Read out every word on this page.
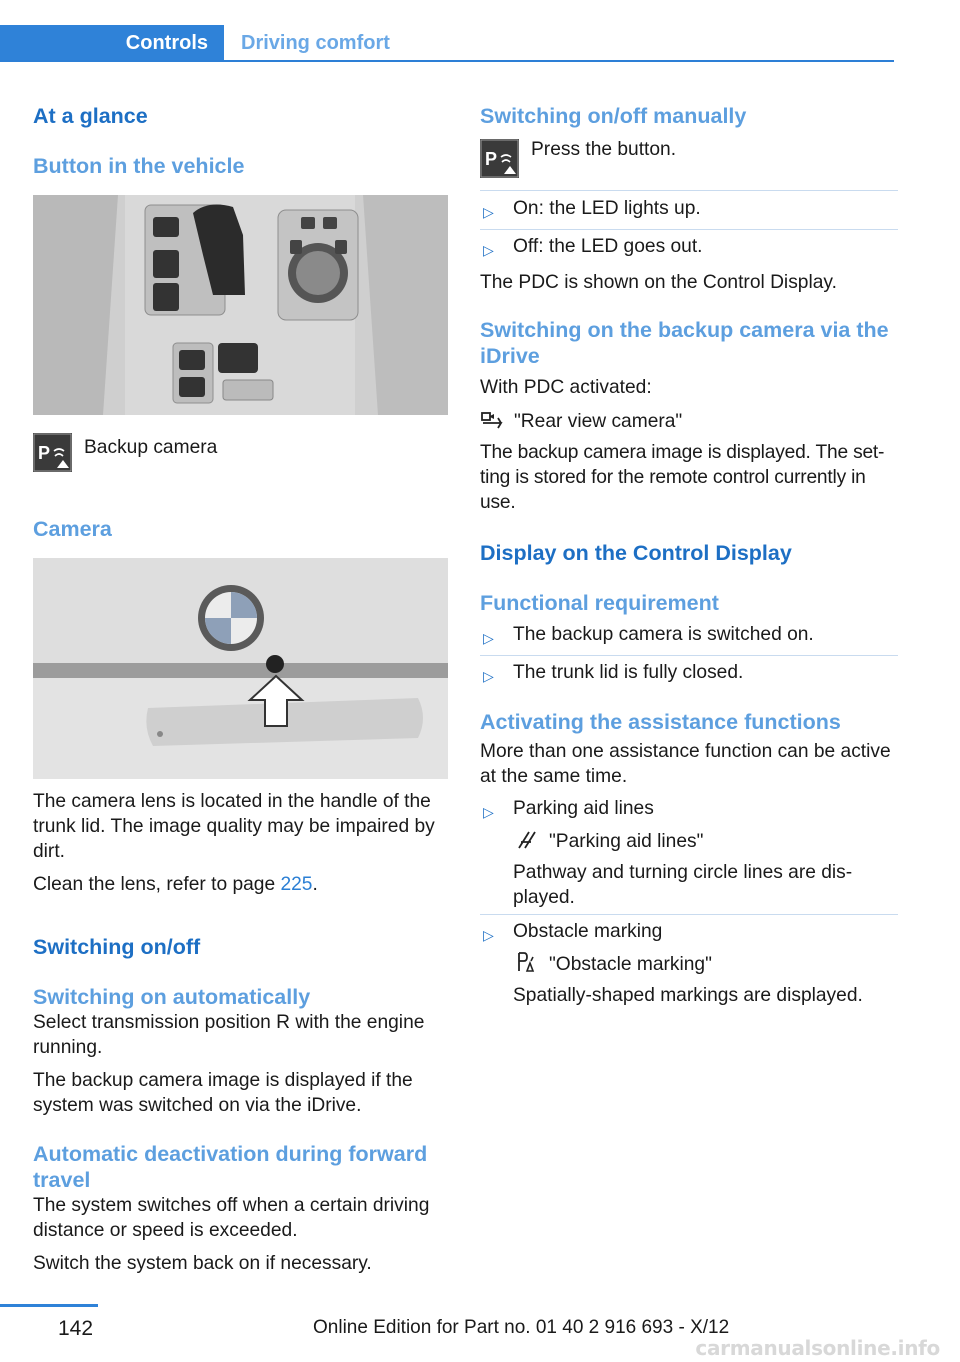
Controls Driving comfort
At a glance
Button in the vehicle
P Backup camera
Camera
The camera lens is located in the handle of the trunk lid. The image quality may be impaired by dirt.
Clean the lens, refer to page 225.
Switching on/off
Switching on automatically
Select transmission position R with the engine running.
The backup camera image is displayed if the system was switched on via the iDrive.
Automatic deactivation during forward travel
The system switches off when a certain driving distance or speed is exceeded.
Switch the system back on if necessary.
Switching on/off manually
P Press the button.
▷	On: the LED lights up.
▷	Off: the LED goes out.
The PDC is shown on the Control Display.
Switching on the backup camera via the iDrive
With PDC activated:
"Rear view camera"
The backup camera image is displayed. The set-ting is stored for the remote control currently in use.
Display on the Control Display
Functional requirement
▷	The backup camera is switched on.
▷	The trunk lid is fully closed.
Activating the assistance functions
More than one assistance function can be active at the same time.
▷	Parking aid lines
"Parking aid lines"
Pathway and turning circle lines are dis-played.
▷	Obstacle marking
"Obstacle marking"
Spatially-shaped markings are displayed.
142	Online Edition for Part no. 01 40 2 916 693 - X/12
carmanualsonline.info
